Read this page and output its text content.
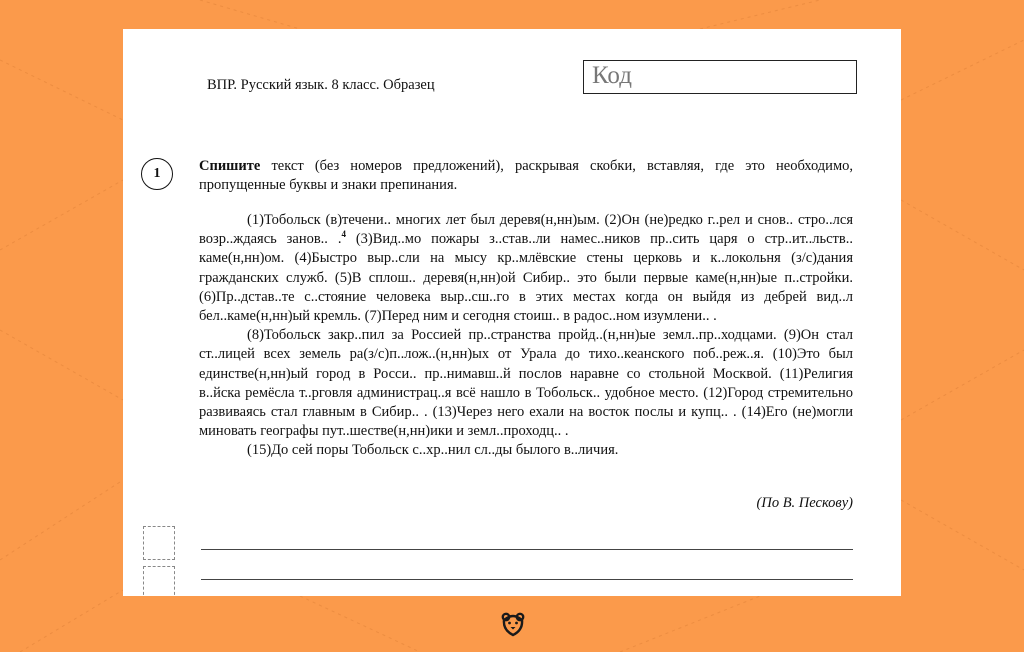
ВПР. Русский язык. 8 класс. Образец	Код
1	Спишите текст (без номеров предложений), раскрывая скобки, вставляя, где это необходимо, пропущенные буквы и знаки препинания.

(1)Тобольск (в)течени.. многих лет был деревя(н,нн)ым. (2)Он (не)редко г..рел и снов.. стро..лся возр..ждаясь занов.. .$^4$ (3)Вид..мо пожары з..став..ли намес..ников пр..сить царя о стр..ит..льств.. каме(н,нн)ом. (4)Быстро выр..сли на мысу кр..млёвские стены церковь и к..локольня (з/с)дания гражданских служб. (5)В сплош.. деревя(н,нн)ой Сибир.. это были первые каме(н,нн)ые п..стройки. (6)Пр..дстав..те с..стояние человека выр..сш..го в этих местах когда он выйдя из дебрей вид..л бел..каме(н,нн)ый кремль. (7)Перед ним и сегодня стоиш.. в радос..ном изумлени.. .

(8)Тобольск закр..пил за Россией пр..странства пройд..(н,нн)ые земл..пр..ходцами. (9)Он стал ст..лицей всех земель ра(з/с)п..лож..(н,нн)ых от Урала до тихо..кеанского поб..реж..я. (10)Это был единстве(н,нн)ый город в Росси.. пр..нимавш..й послов наравне со стольной Москвой. (11)Религия в..йска ремёсла т..рговля администрац..я всё нашло в Тобольск.. удобное место. (12)Город стремительно развиваясь стал главным в Сибир.. . (13)Через него ехали на восток послы и купц.. . (14)Его (не)могли миновать географы пут..шестве(н,нн)ики и земл..проходц.. .

(15)До сей поры Тобольск с..хр..нил сл..ды былого в..личия.

(По В. Пескову)
